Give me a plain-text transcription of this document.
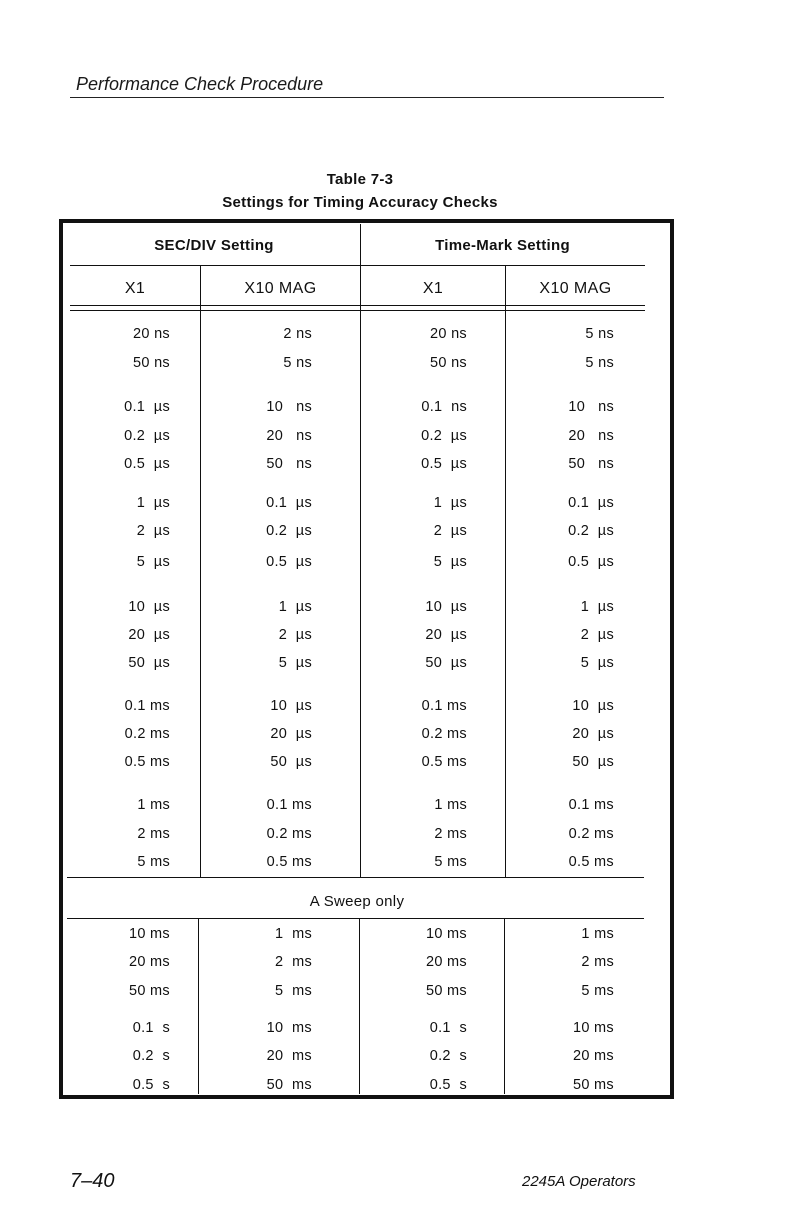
Performance Check Procedure
Table 7-3
Settings for Timing Accuracy Checks
SEC/DIV Setting	Time-Mark Setting
X1	X10 MAG	X1	X10 MAG
A Sweep only
20 ns	2 ns	20 ns	5 ns
50 ns	5 ns	50 ns	5 ns
0.1  µs	10   ns	0.1  ns	10   ns
0.2  µs	20   ns	0.2  µs	20   ns
0.5  µs	50   ns	0.5  µs	50   ns
1  µs	0.1  µs	1  µs	0.1  µs
2  µs	0.2  µs	2  µs	0.2  µs
5  µs	0.5  µs	5  µs	0.5  µs
10  µs	1  µs	10  µs	1  µs
20  µs	2  µs	20  µs	2  µs
50  µs	5  µs	50  µs	5  µs
0.1 ms	10  µs	0.1 ms	10  µs
0.2 ms	20  µs	0.2 ms	20  µs
0.5 ms	50  µs	0.5 ms	50  µs
1 ms	0.1 ms	1 ms	0.1 ms
2 ms	0.2 ms	2 ms	0.2 ms
5 ms	0.5 ms	5 ms	0.5 ms
10 ms	1  ms	10 ms	1 ms
20 ms	2  ms	20 ms	2 ms
50 ms	5  ms	50 ms	5 ms
0.1  s	10  ms	0.1  s	10 ms
0.2  s	20  ms	0.2  s	20 ms
0.5  s	50  ms	0.5  s	50 ms
7–40	2245A Operators
